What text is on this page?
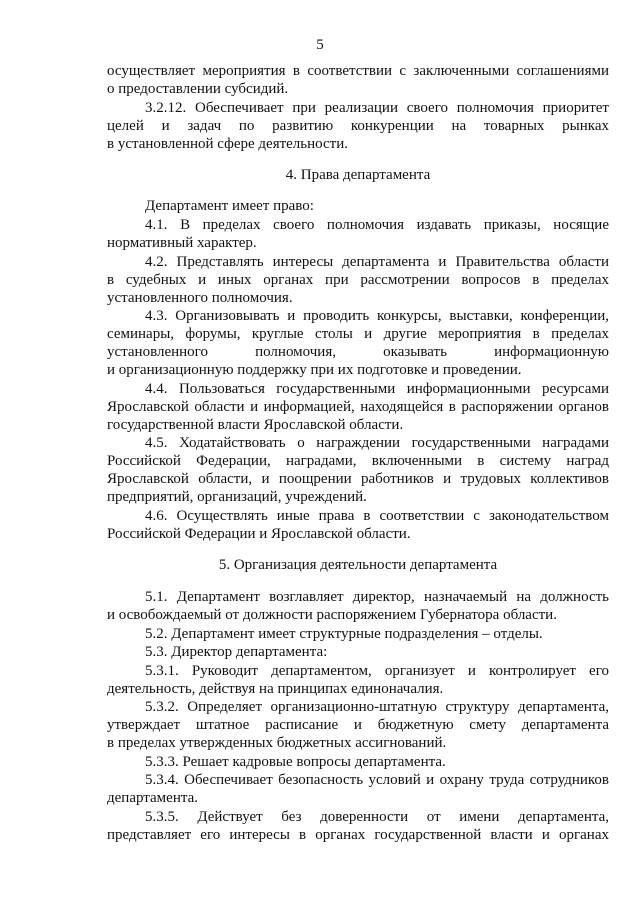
5
осуществляет мероприятия в соответствии с заключенными соглашениями
о предоставлении субсидий.
3.2.12. Обеспечивает при реализации своего полномочия приоритет
целей и задач по развитию конкуренции на товарных рынках
в установленной сфере деятельности.
4. Права департамента
Департамент имеет право:
4.1. В пределах своего полномочия издавать приказы, носящие
нормативный характер.
4.2. Представлять интересы департамента и Правительства области
в судебных и иных органах при рассмотрении вопросов в пределах
установленного полномочия.
4.3. Организовывать и проводить конкурсы, выставки, конференции,
семинары, форумы, круглые столы и другие мероприятия в пределах
установленного полномочия, оказывать информационную
и организационную поддержку при их подготовке и проведении.
4.4. Пользоваться государственными информационными ресурсами
Ярославской области и информацией, находящейся в распоряжении органов
государственной власти Ярославской области.
4.5. Ходатайствовать о награждении государственными наградами
Российской Федерации, наградами, включенными в систему наград
Ярославской области, и поощрении работников и трудовых коллективов
предприятий, организаций, учреждений.
4.6. Осуществлять иные права в соответствии с законодательством
Российской Федерации и Ярославской области.
5. Организация деятельности департамента
5.1. Департамент возглавляет директор, назначаемый на должность
и освобождаемый от должности распоряжением Губернатора области.
5.2. Департамент имеет структурные подразделения – отделы.
5.3. Директор департамента:
5.3.1. Руководит департаментом, организует и контролирует его
деятельность, действуя на принципах единоначалия.
5.3.2. Определяет организационно-штатную структуру департамента,
утверждает штатное расписание и бюджетную смету департамента
в пределах утвержденных бюджетных ассигнований.
5.3.3. Решает кадровые вопросы департамента.
5.3.4. Обеспечивает безопасность условий и охрану труда сотрудников
департамента.
5.3.5. Действует без доверенности от имени департамента,
представляет его интересы в органах государственной власти и органах
